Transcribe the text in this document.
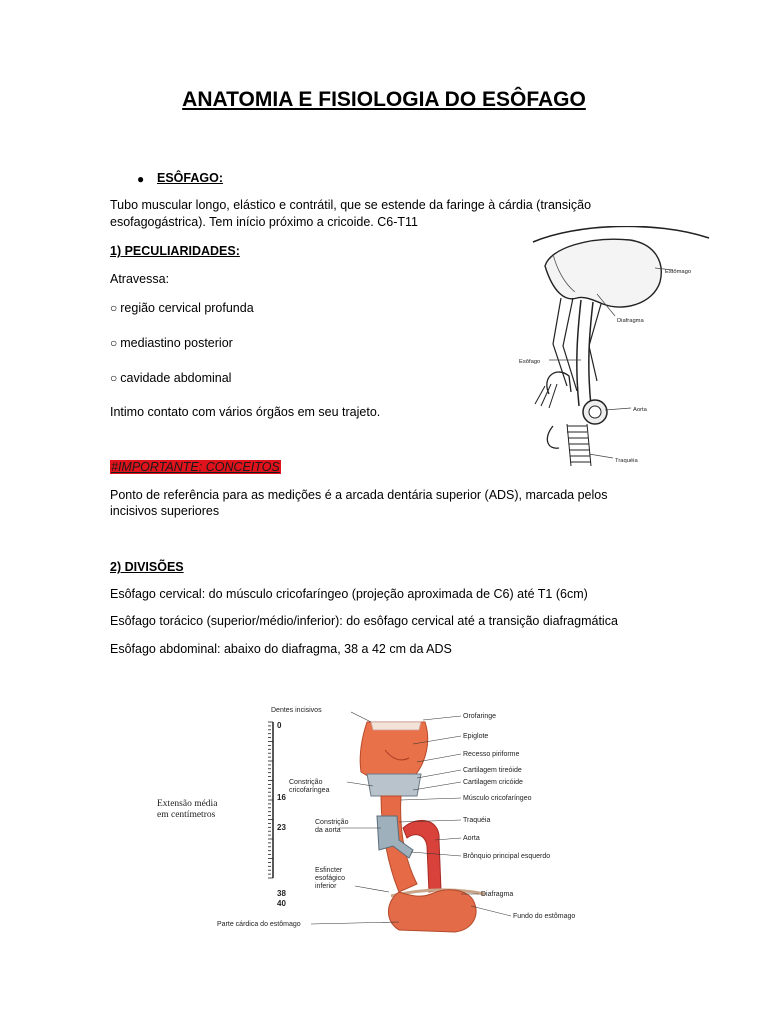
ANATOMIA E FISIOLOGIA DO ESÔFAGO
● ESÔFAGO:

Tubo muscular longo, elástico e contrátil, que se estende da faringe à cárdia (transição

esofagogástrica). Tem início próximo a cricoide. C6-T11

1) PECULIARIDADES:

Atravessa:

○ região cervical profunda

○ mediastino posterior

○ cavidade abdominal

Intimo contato com vários órgãos em seu trajeto.

#IMPORTANTE: CONCEITOS

Ponto de referência para as medições é a arcada dentária superior (ADS), marcada pelos

incisivos superiores

2) DIVISÕES

Esôfago cervical: do músculo cricofaríngeo (projeção aproximada de C6) até T1 (6cm)

Esôfago torácico (superior/médio/inferior): do esôfago cervical até a transição diafragmática

Esôfago abdominal: abaixo do diafragma, 38 a 42 cm da ADS

Estômago
Diafragma
Esôfago
Aorta
Traquéia
0
16
23
38
40
Extensão média
em centímetros
Dentes incisivos
Constrição
cricofaríngea
Constrição
da aorta
Esfincter
esofágico
inferior
Parte cárdica do estômago
Orofaringe
Epiglote
Recesso piriforme
Cartilagem tireóide
Cartilagem cricóide
Músculo cricofaríngeo
Traquéia
Aorta
Brônquio principal esquerdo
Diafragma
Fundo do estômago
